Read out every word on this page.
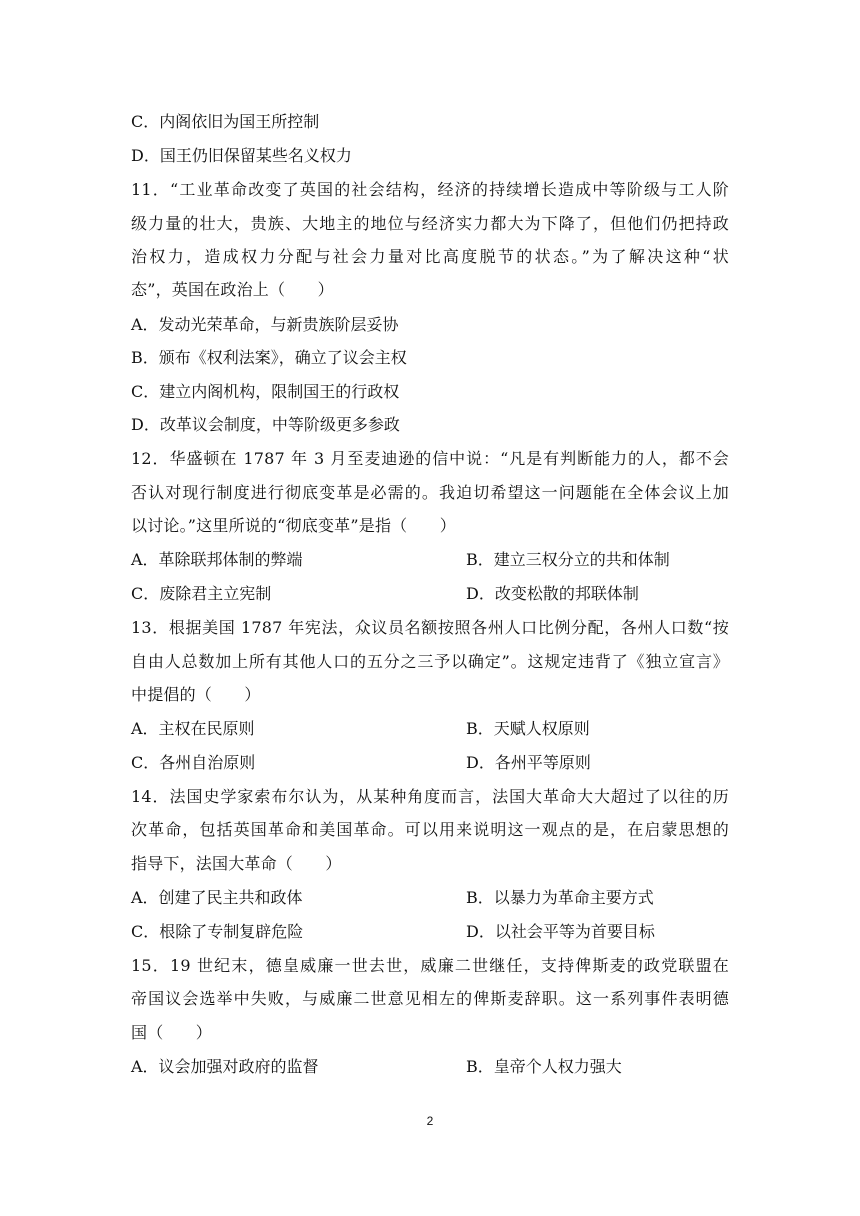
C．内阁依旧为国王所控制
D．国王仍旧保留某些名义权力
11．“工业革命改变了英国的社会结构，经济的持续增长造成中等阶级与工人阶
级力量的壮大，贵族、大地主的地位与经济实力都大为下降了，但他们仍把持政
治权力，造成权力分配与社会力量对比高度脱节的状态。”为了解决这种“状
态”，英国在政治上（　　）
A．发动光荣革命，与新贵族阶层妥协
B．颁布《权利法案》，确立了议会主权
C．建立内阁机构，限制国王的行政权
D．改革议会制度，中等阶级更多参政
12．华盛顿在 1787 年 3 月至麦迪逊的信中说：“凡是有判断能力的人，都不会
否认对现行制度进行彻底变革是必需的。我迫切希望这一问题能在全体会议上加
以讨论。”这里所说的“彻底变革”是指（　　）
A．革除联邦体制的弊端	B．建立三权分立的共和体制
C．废除君主立宪制	D．改变松散的邦联体制
13．根据美国 1787 年宪法，众议员名额按照各州人口比例分配，各州人口数“按
自由人总数加上所有其他人口的五分之三予以确定”。这规定违背了《独立宣言》
中提倡的（　　）
A．主权在民原则	B．天赋人权原则
C．各州自治原则	D．各州平等原则
14．法国史学家索布尔认为，从某种角度而言，法国大革命大大超过了以往的历
次革命，包括英国革命和美国革命。可以用来说明这一观点的是，在启蒙思想的
指导下，法国大革命（　　）
A．创建了民主共和政体	B．以暴力为革命主要方式
C．根除了专制复辟危险	D．以社会平等为首要目标
15．19 世纪末，德皇威廉一世去世，威廉二世继任，支持俾斯麦的政党联盟在
帝国议会选举中失败，与威廉二世意见相左的俾斯麦辞职。这一系列事件表明德
国（　　）
A．议会加强对政府的监督	B．皇帝个人权力强大
2
